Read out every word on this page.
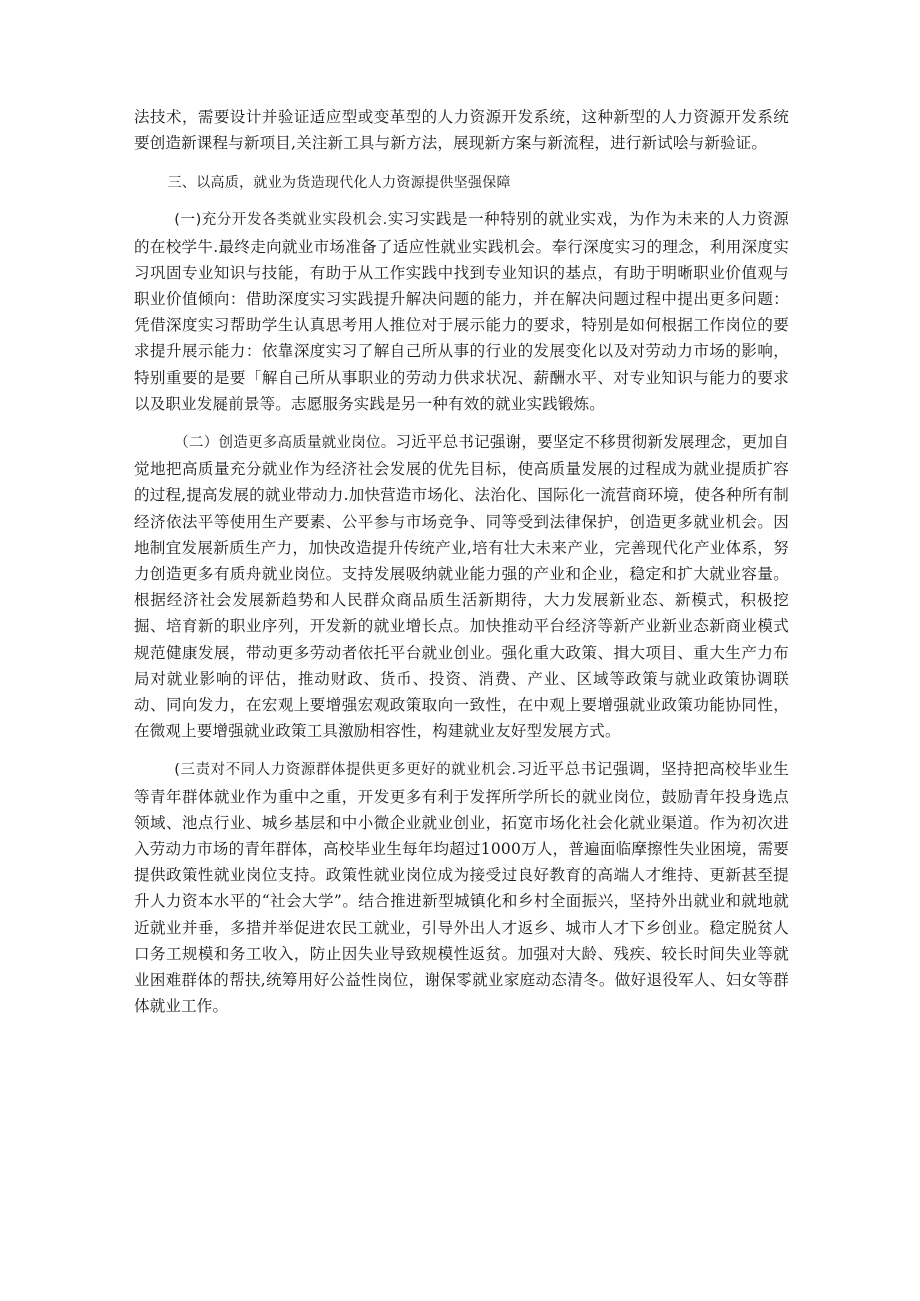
法技术，需要设计并验证适应型或变革型的人力资源开发系统，这种新型的人力资源开发系统要创造新课程与新项目,关注新工具与新方法，展现新方案与新流程，进行新试哙与新验证。

三、以高质，就业为货造现代化人力资源提供坚强保障

(一)充分开发各类就业实段机会.实习实践是一种特别的就业实戏，为作为未来的人力资源的在校学牛.最终走向就业市场准备了适应性就业实践机会。奉行深度实习的理念，利用深度实习巩固专业知识与技能，有助于从工作实践中找到专业知识的基点，有助于明晰职业价值观与职业价值倾向：借助深度实习实践提升解决问题的能力，并在解决问题过程中提出更多问题：凭借深度实习帮助学生认真思考用人推位对于展示能力的要求，特别是如何根据工作岗位的要求提升展示能力：依靠深度实习了解自己所从事的行业的发展变化以及对劳动力市场的影响，特别重要的是要「解自己所从事职业的劳动力供求状况、薪酬水平、对专业知识与能力的要求以及职业发屣前景等。志愿服务实践是另一种有效的就业实践锻炼。

（二）创造更多高质量就业岗位。习近平总书记强谢，要坚定不移贯彻新发展理念，更加自觉地把高质量充分就业作为经济社会发展的优先目标，使高质量发展的过程成为就业提质扩容的过程,提高发展的就业带动力.加快营造市场化、法治化、国际化一流营商环境，使各种所有制经济依法平等使用生产要素、公平参与市场竞争、同等受到法律保护，创造更多就业机会。因地制宜发展新质生产力，加快改造提升传统产业,培有壮大未来产业，完善现代化产业体系，努力创造更多有质舟就业岗位。支持发展吸纳就业能力强的产业和企业，稳定和扩大就业容量。根据经济社会发展新趋势和人民群众商品质生活新期待，大力发展新业态、新模式，积极挖掘、培育新的职业序列，开发新的就业增长点。加快推动平台经济等新产业新业态新商业模式规范健康发展，带动更多劳动者依托平台就业创业。强化重大政策、揖大项目、重大生产力布局对就业影响的评估，推动财政、货币、投资、消费、产业、区域等政策与就业政策协调联动、同向发力，在宏观上要增强宏观政策取向一致性，在中观上要增强就业政策功能协同性，在微观上要增强就业政策工具激励相容性，构建就业友好型发展方式。

(三责对不同人力资源群体提供更多更好的就业机会.习近平总书记强调，坚持把高校毕业生等青年群体就业作为重中之重，开发更多有利于发挥所学所长的就业岗位，鼓励青年投身选点领域、池点行业、城乡基层和中小微企业就业创业，拓宽市场化社会化就业渠道。作为初次进入劳动力市场的青年群体，高校毕业生每年均超过1000万人，普遍面临摩擦性失业困境，需要提供政策性就业岗位支持。政策性就业岗位成为接受过良好教育的高端人才维持、更新甚至提升人力资本水平的“社会大学”。结合推进新型城镇化和乡村全面振兴，坚持外出就业和就地就近就业并垂，多措并举促进农民工就业，引导外出人才返乡、城市人才下乡创业。稳定脱贫人口务工规模和务工收入，防止因失业导致规模性返贫。加强对大龄、残疾、较长时间失业等就业困难群体的帮扶,统筹用好公益性岗位，谢保零就业家庭动态清冬。做好退役军人、妇女等群体就业工作。
